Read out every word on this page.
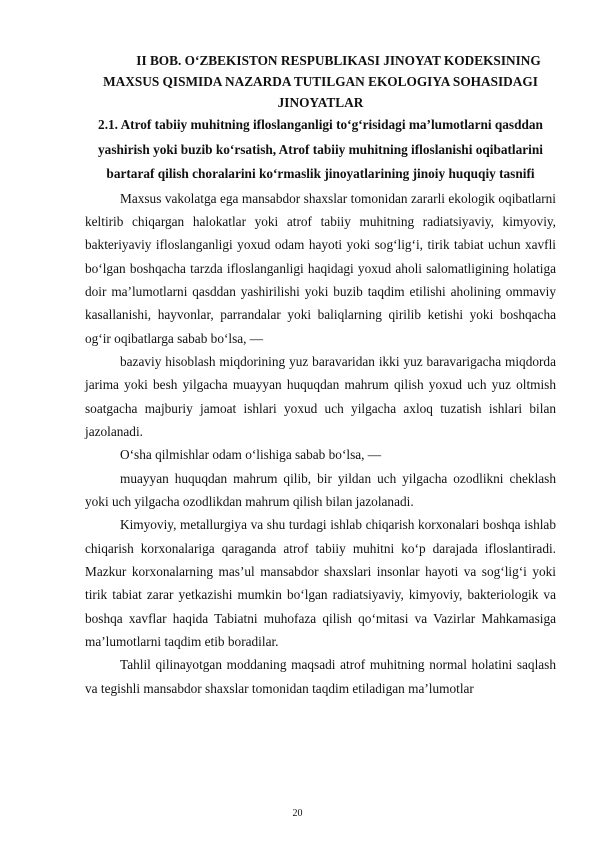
II BOB. O‘ZBEKISTON RESPUBLIKASI JINOYAT KODEKSINING MAXSUS QISMIDA NAZARDA TUTILGAN EKOLOGIYA SOHASIDAGI JINOYATLAR

2.1. Atrof tabiiy muhitning ifloslanganligi to‘g‘risidagi ma’lumotlarni qasddan yashirish yoki buzib ko‘rsatish, Atrof tabiiy muhitning ifloslanishi oqibatlarini bartaraf qilish choralarini ko‘rmaslik jinoyatlarining jinoiy huquqiy tasnifi

Maxsus vakolatga ega mansabdor shaxslar tomonidan zararli ekologik oqibatlarni keltirib chiqargan halokatlar yoki atrof tabiiy muhitning radiatsiyaviy, kimyoviy, bakteriyaviy ifloslanganligi yoxud odam hayoti yoki sog‘lig‘i, tirik tabiat uchun xavfli bo‘lgan boshqacha tarzda ifloslanganligi haqidagi yoxud aholi salomatligining holatiga doir ma’lumotlarni qasddan yashirilishi yoki buzib taqdim etilishi aholining ommaviy kasallanishi, hayvonlar, parrandalar yoki baliqlarning qirilib ketishi yoki boshqacha og‘ir oqibatlarga sabab bo‘lsa, —

bazaviy hisoblash miqdorining yuz baravaridan ikki yuz baravarigacha miqdorda jarima yoki besh yilgacha muayyan huquqdan mahrum qilish yoxud uch yuz oltmish soatgacha majburiy jamoat ishlari yoxud uch yilgacha axloq tuzatish ishlari bilan jazolanadi.

O‘sha qilmishlar odam o‘lishiga sabab bo‘lsa, —

muayyan huquqdan mahrum qilib, bir yildan uch yilgacha ozodlikni cheklash yoki uch yilgacha ozodlikdan mahrum qilish bilan jazolanadi.

Kimyoviy, metallurgiya va shu turdagi ishlab chiqarish korxonalari boshqa ishlab chiqarish korxonalariga qaraganda atrof tabiiy muhitni ko‘p darajada ifloslantiradi. Mazkur korxonalarning mas’ul mansabdor shaxslari insonlar hayoti va sog‘lig‘i yoki tirik tabiat zarar yetkazishi mumkin bo‘lgan radiatsiyaviy, kimyoviy, bakteriologik va boshqa xavflar haqida Tabiatni muhofaza qilish qo‘mitasi va Vazirlar Mahkamasiga ma’lumotlarni taqdim etib boradilar.

Tahlil qilinayotgan moddaning maqsadi atrof muhitning normal holatini saqlash va tegishli mansabdor shaxslar tomonidan taqdim etiladigan ma’lumotlar

20
